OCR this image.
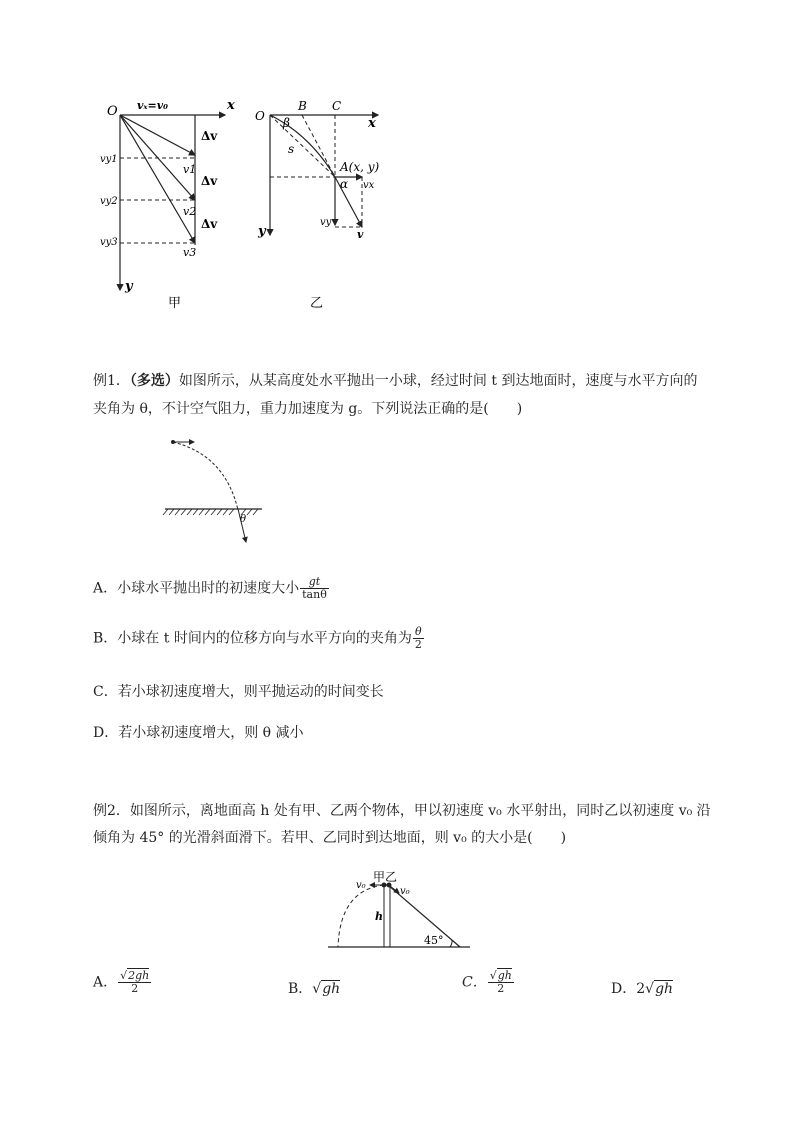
O vₓ=v₀	x
y
Δv
Δv
Δv
v1
v2
v3
vy1
vy2
vy3
甲
O
B C
x
y
β
s
A(x, y)
α vx
vy
v
乙
例1．（多选）如图所示，从某高度处水平抛出一小球，经过时间 t 到达地面时，速度与水平方向的
夹角为 θ，不计空气阻力，重力加速度为 g。下列说法正确的是(　　)
θ
A．小球水平抛出时的初速度大小 $\frac{gt}{\tan\theta}$
B．小球在 t 时间内的位移方向与水平方向的夹角为 $\frac{\theta}{2}$
C．若小球初速度增大，则平抛运动的时间变长
D．若小球初速度增大，则 θ 减小
例2．如图所示，离地面高 h 处有甲、乙两个物体，甲以初速度 v₀ 水平射出，同时乙以初速度 v₀ 沿
倾角为 45° 的光滑斜面滑下。若甲、乙同时到达地面，则 v₀ 的大小是(　　)
甲乙
v₀
v₀
h
45°
A． $\frac{√2gh}{2}$	B．√gh	C． $\frac{√gh}{2}$	D．2√gh
